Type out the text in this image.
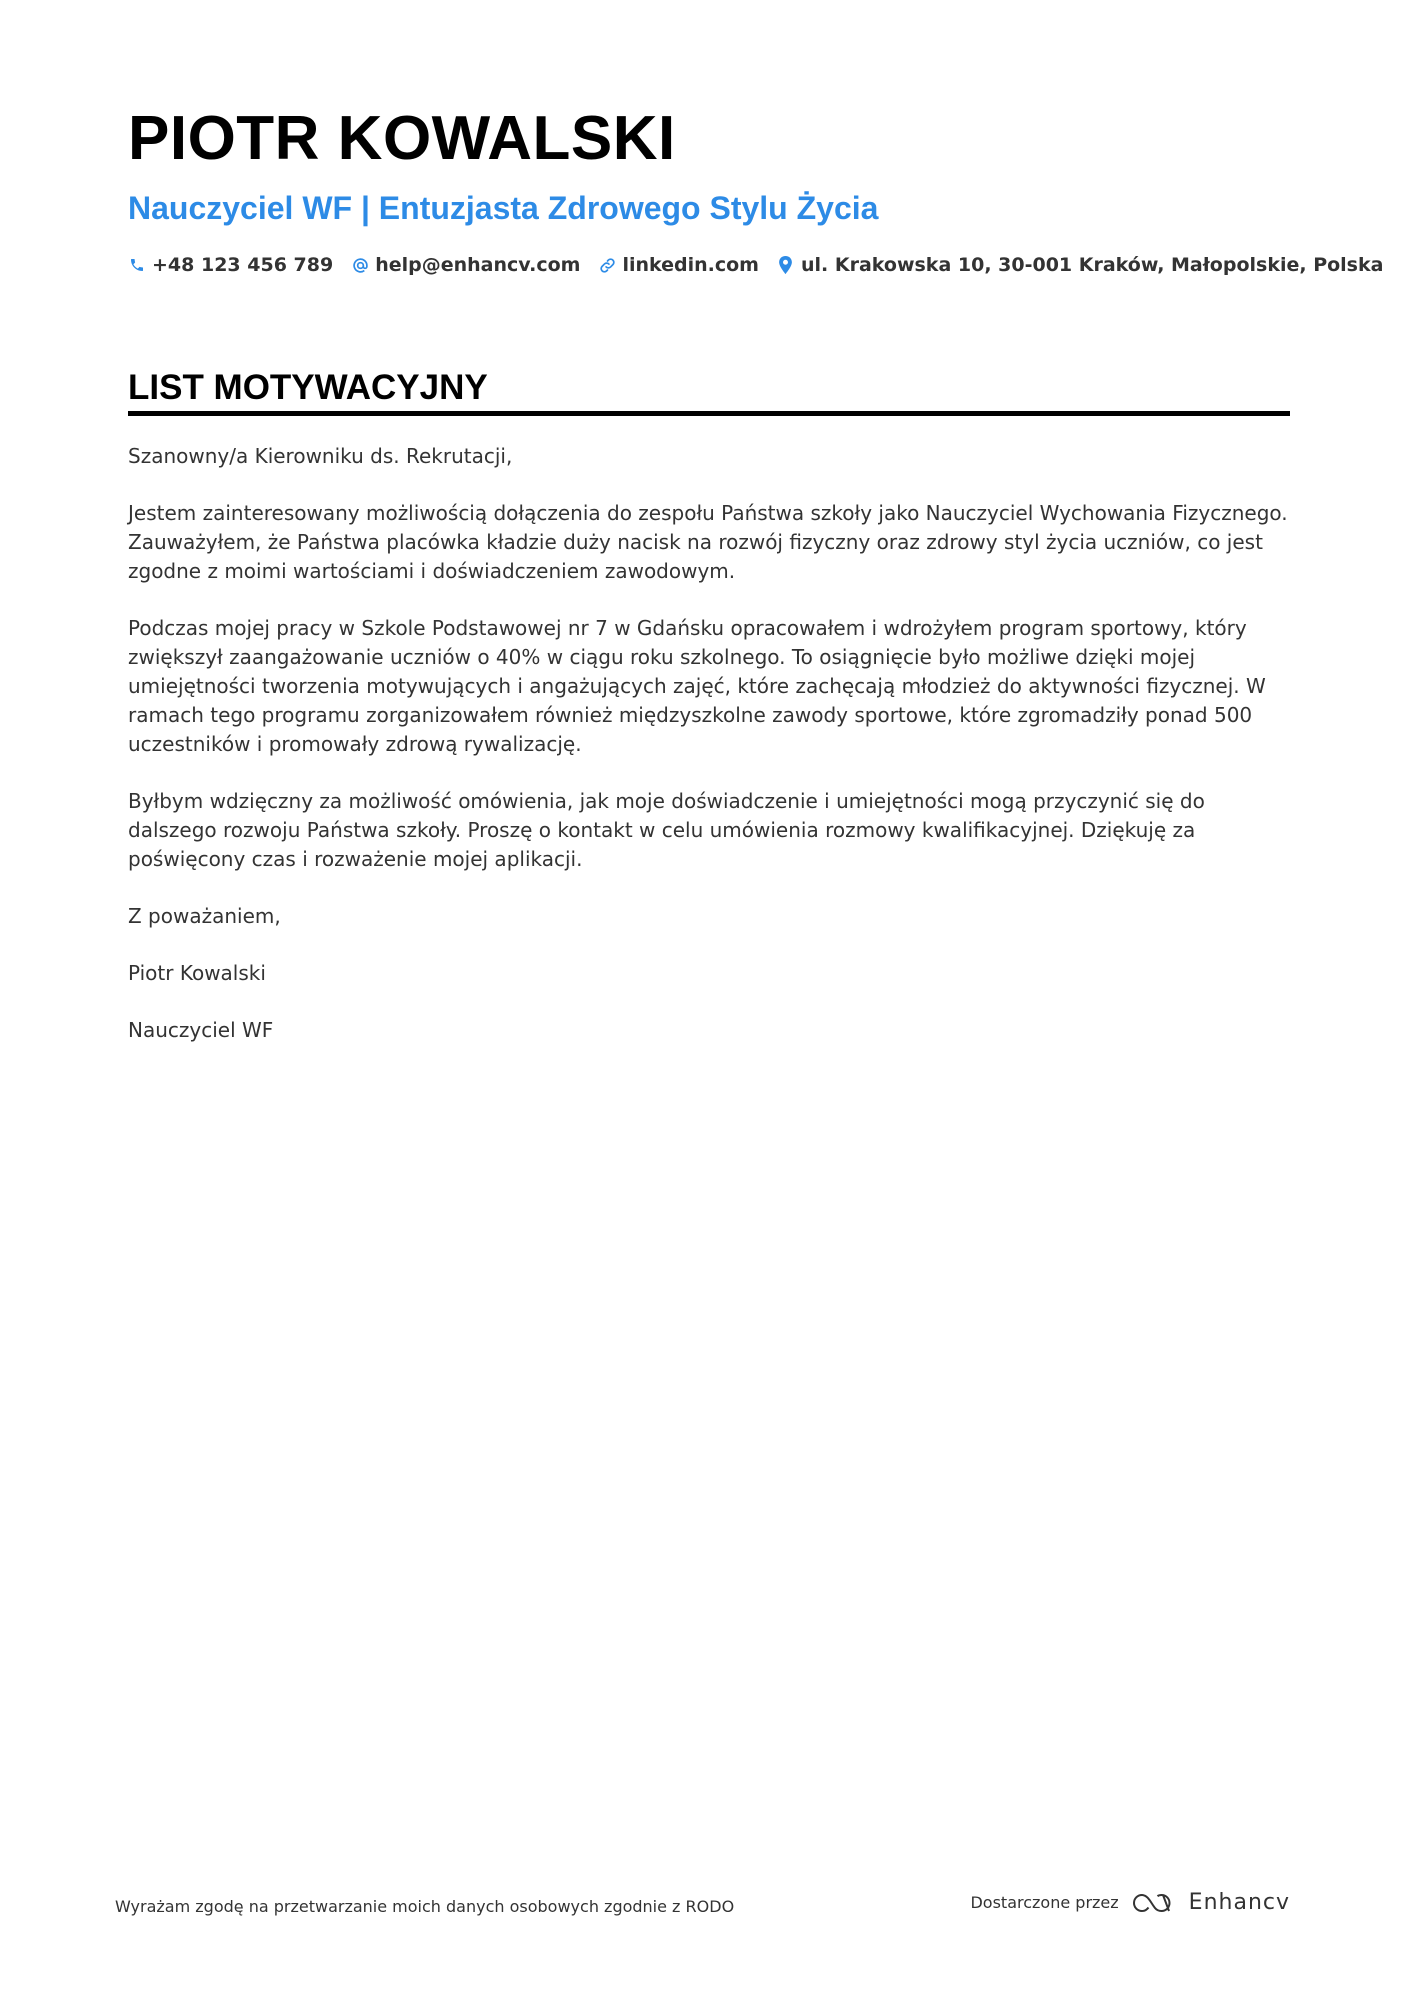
PIOTR KOWALSKI
Nauczyciel WF | Entuzjasta Zdrowego Stylu Życia
+48 123 456 789 help@enhancv.com linkedin.com ul. Krakowska 10, 30-001 Kraków, Małopolskie, Polska
LIST MOTYWACYJNY

Szanowny/a Kierowniku ds. Rekrutacji,

Jestem zainteresowany możliwością dołączenia do zespołu Państwa szkoły jako Nauczyciel Wychowania Fizycznego. Zauważyłem, że Państwa placówka kładzie duży nacisk na rozwój fizyczny oraz zdrowy styl życia uczniów, co jest zgodne z moimi wartościami i doświadczeniem zawodowym.

Podczas mojej pracy w Szkole Podstawowej nr 7 w Gdańsku opracowałem i wdrożyłem program sportowy, który zwiększył zaangażowanie uczniów o 40% w ciągu roku szkolnego. To osiągnięcie było możliwe dzięki mojej umiejętności tworzenia motywujących i angażujących zajęć, które zachęcają młodzież do aktywności fizycznej. W ramach tego programu zorganizowałem również międzyszkolne zawody sportowe, które zgromadziły ponad 500 uczestników i promowały zdrową rywalizację.

Byłbym wdzięczny za możliwość omówienia, jak moje doświadczenie i umiejętności mogą przyczynić się do dalszego rozwoju Państwa szkoły. Proszę o kontakt w celu umówienia rozmowy kwalifikacyjnej. Dziękuję za poświęcony czas i rozważenie mojej aplikacji.

Z poważaniem,

Piotr Kowalski

Nauczyciel WF

Wyrażam zgodę na przetwarzanie moich danych osobowych zgodnie z RODO	Dostarczone przez	Enhancv
